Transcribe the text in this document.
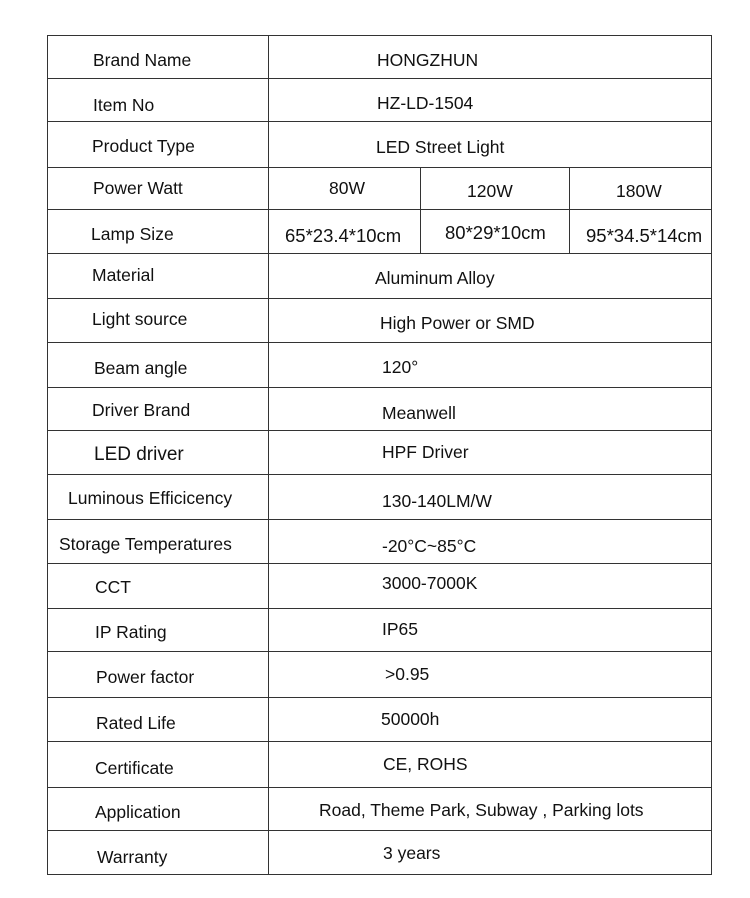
Brand Name	HONGZHUN
Item No	HZ-LD-1504
Product Type	LED Street Light
Power Watt	80W	120W	180W
Lamp Size	65*23.4*10cm 80*29*10cm 95*34.5*14cm
Material	Aluminum Alloy
Light source	High Power or SMD
Beam angle	120°
Driver Brand	Meanwell
LED driver	HPF Driver
Luminous Efficicency	130-140LM/W
Storage Temperatures	-20°C~85°C
CCT	3000-7000K
IP Rating	IP65
Power factor	>0.95
Rated Life	50000h
Certificate	CE, ROHS
Application	Road, Theme Park, Subway , Parking lots
Warranty	3 years
